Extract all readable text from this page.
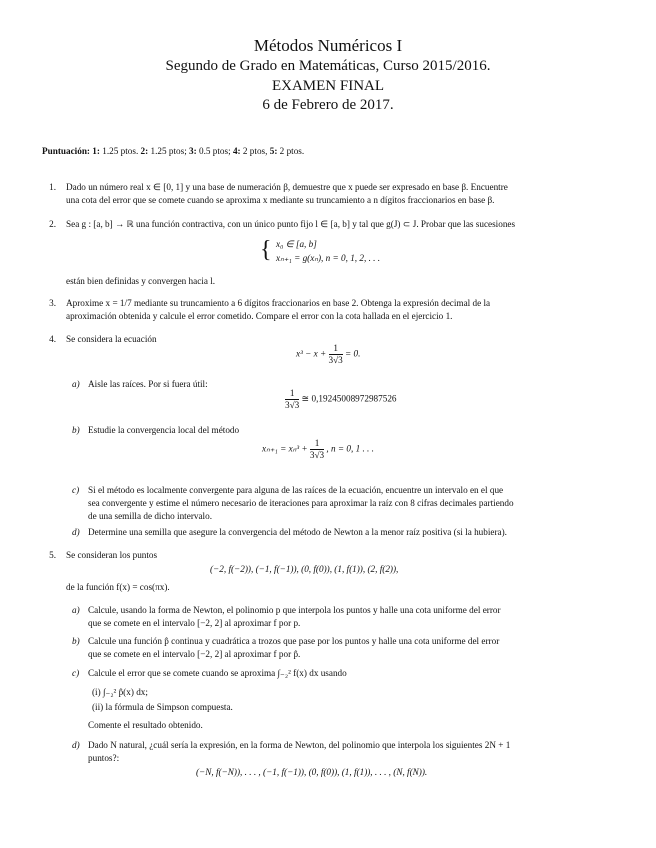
Métodos Numéricos I
Segundo de Grado en Matemáticas, Curso 2015/2016.
EXAMEN FINAL
6 de Febrero de 2017.
Puntuación: 1: 1.25 ptos. 2: 1.25 ptos; 3: 0.5 ptos; 4: 2 ptos, 5: 2 ptos.
1. Dado un número real x ∈ [0, 1] y una base de numeración β, demuestre que x puede ser expresado en base β. Encuentre
una cota del error que se comete cuando se aproxima x mediante su truncamiento a n dígitos fraccionarios en base β.
2. Sea g : [a, b] → ℝ una función contractiva, con un único punto fijo l ∈ [a, b] y tal que g(J) ⊂ J. Probar que las sucesiones
{ x₀ ∈ [a, b]
xₙ₊₁ = g(xₙ), n = 0, 1, 2, . . .
están bien definidas y convergen hacia l.
3. Aproxime x = 1/7 mediante su truncamiento a 6 dígitos fraccionarios en base 2. Obtenga la expresión decimal de la
aproximación obtenida y calcule el error cometido. Compare el error con la cota hallada en el ejercicio 1.
4. Se considera la ecuación
$x^3 - x + \frac{1}{3√3} = 0$.
a) Aisle las raíces. Por si fuera útil:
$\frac{1}{3√3}$ ≅ 0,19245008972987526
b) Estudie la convergencia local del método
$x_{n+1} = x_n^3 + \frac{1}{3√3}$ , n = 0, 1 . . .
c) Si el método es localmente convergente para alguna de las raíces de la ecuación, encuentre un intervalo en el que
sea convergente y estime el número necesario de iteraciones para aproximar la raíz con 8 cifras decimales partiendo
de una semilla de dicho intervalo.
d) Determine una semilla que asegure la convergencia del método de Newton a la menor raíz positiva (si la hubiera).
5. Se consideran los puntos
(−2, f(−2)), (−1, f(−1)), (0, f(0)), (1, f(1)), (2, f(2)),
de la función f(x) = cos(πx).
a) Calcule, usando la forma de Newton, el polinomio p que interpola los puntos y halle una cota uniforme del error
que se comete en el intervalo [−2, 2] al aproximar f por p.
b) Calcule una función p̂ continua y cuadrática a trozos que pase por los puntos y halle una cota uniforme del error
que se comete en el intervalo [−2, 2] al aproximar f por p̂.
c) Calcule el error que se comete cuando se aproxima ∫₋₂² f(x) dx usando
(i) ∫₋₂² p̂(x) dx;
(ii) la fórmula de Simpson compuesta.
Comente el resultado obtenido.
d) Dado N natural, ¿cuál sería la expresión, en la forma de Newton, del polinomio que interpola los siguientes 2N + 1
puntos?:
(−N, f(−N)), . . . , (−1, f(−1)), (0, f(0)), (1, f(1)), . . . , (N, f(N)).
